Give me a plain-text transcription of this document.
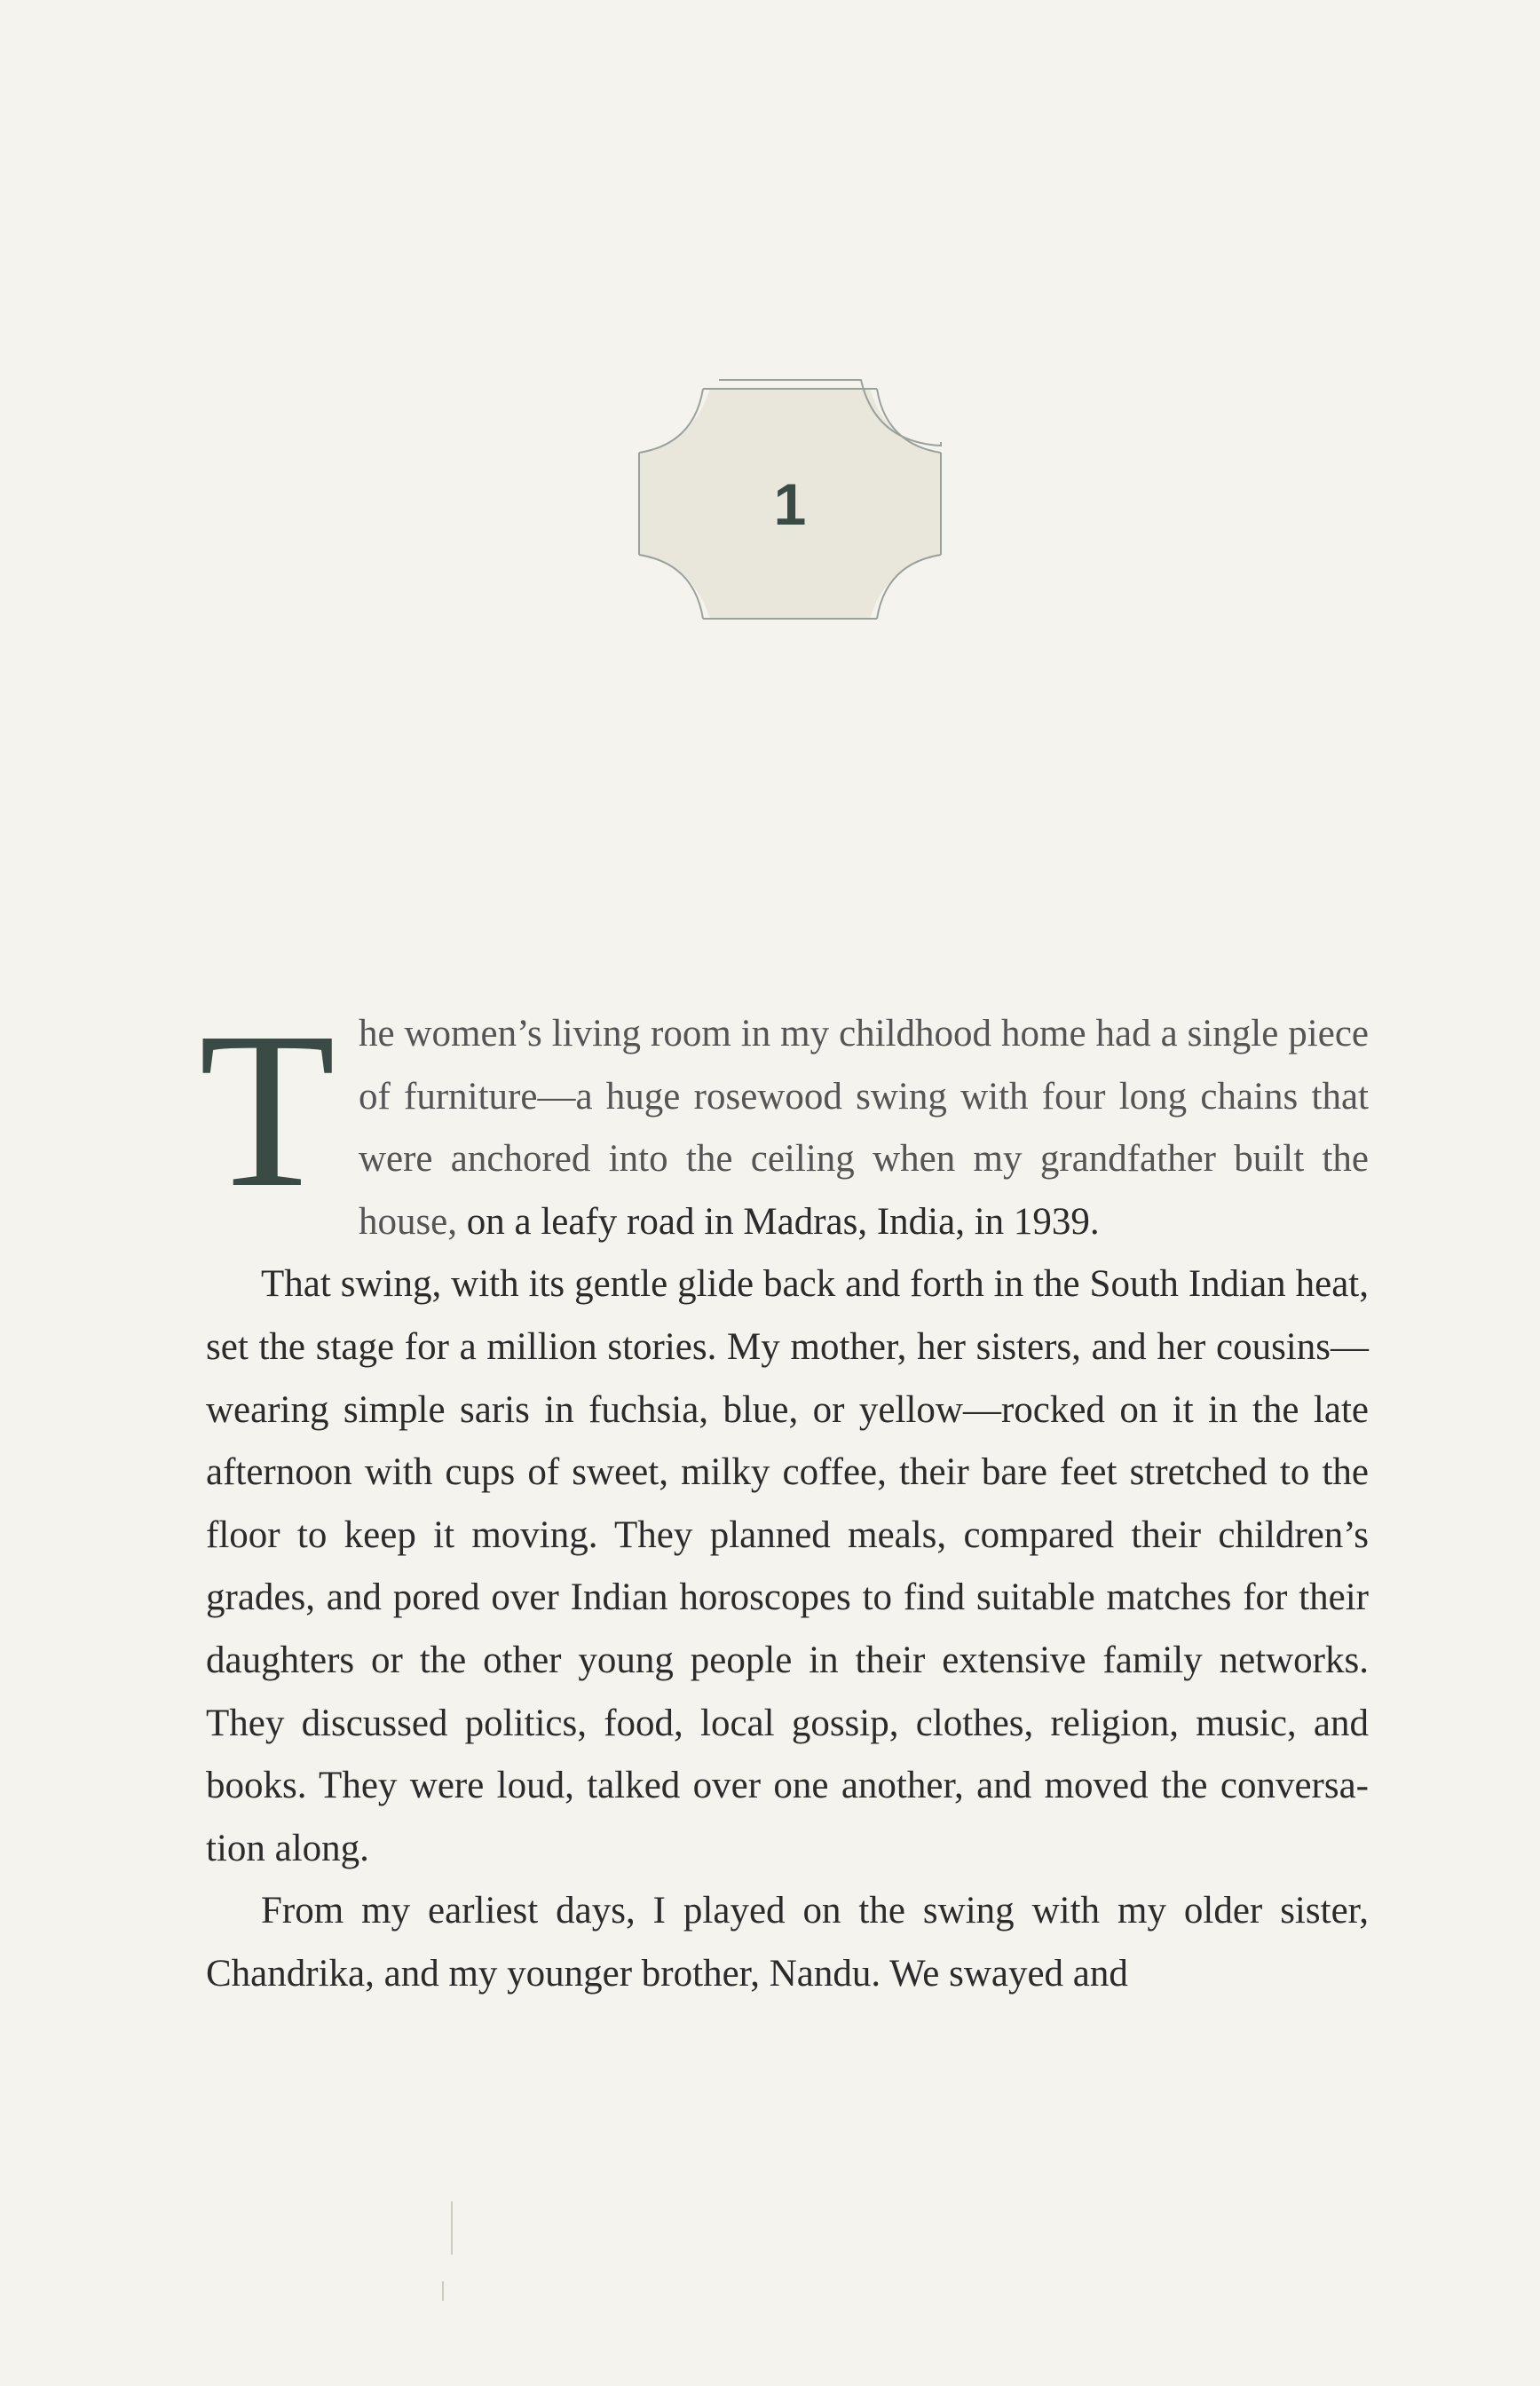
1

The women’s living room in my childhood home had a single piece of furniture—a huge rosewood swing with four long chains that were anchored into the ceiling when my grandfather built the house, on a leafy road in Madras, India, in 1939.

That swing, with its gentle glide back and forth in the South Indian heat, set the stage for a million stories. My mother, her sisters, and her cousins—wearing simple saris in fuchsia, blue, or yellow—rocked on it in the late afternoon with cups of sweet, milky coffee, their bare feet stretched to the floor to keep it moving. They planned meals, compared their children’s grades, and pored over Indian horoscopes to find suitable matches for their daughters or the other young people in their extensive family networks. They discussed politics, food, local gossip, clothes, religion, music, and books. They were loud, talked over one another, and moved the conversation along.

From my earliest days, I played on the swing with my older sister, Chandrika, and my younger brother, Nandu. We swayed and
